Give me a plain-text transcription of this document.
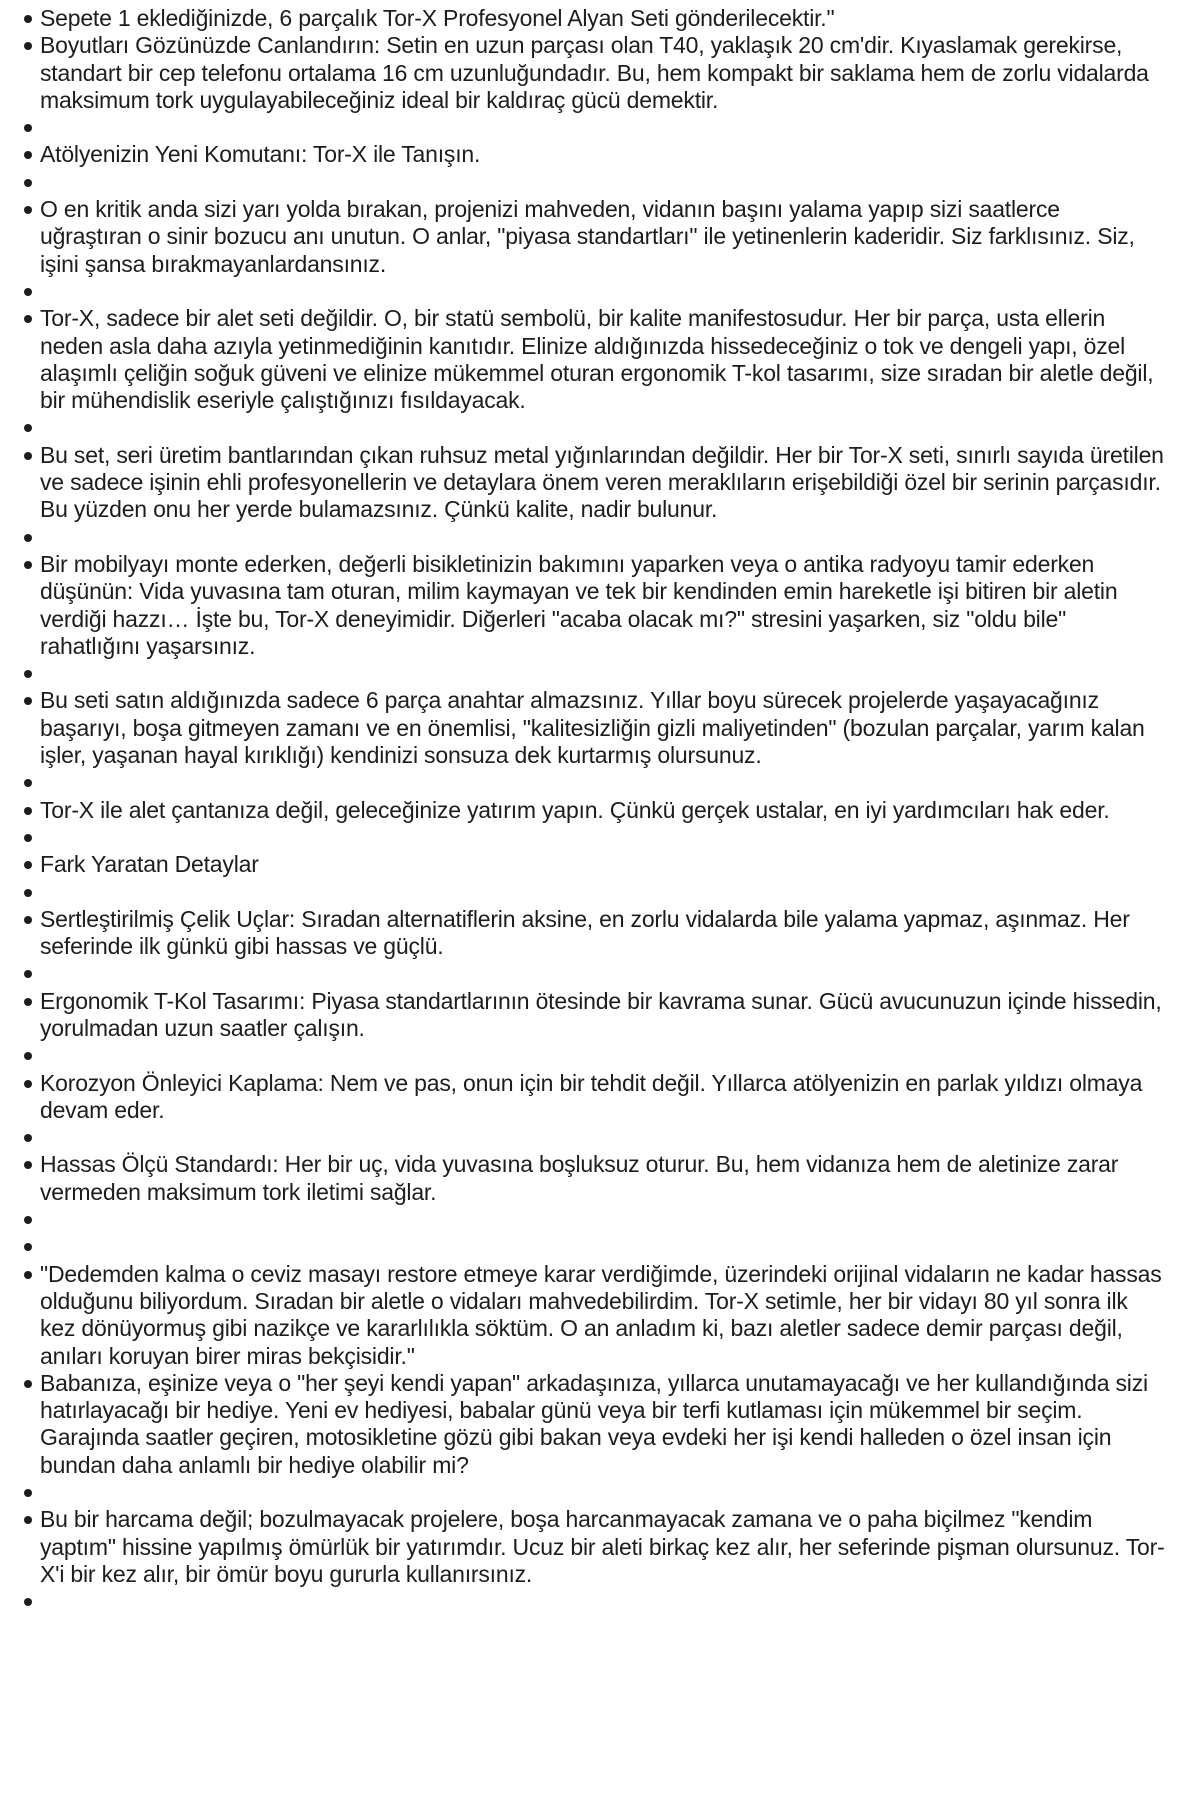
Sepete 1 eklediğinizde, 6 parçalık Tor-X Profesyonel Alyan Seti gönderilecektir."
Boyutları Gözünüzde Canlandırın: Setin en uzun parçası olan T40, yaklaşık 20 cm'dir. Kıyaslamak gerekirse, standart bir cep telefonu ortalama 16 cm uzunluğundadır. Bu, hem kompakt bir saklama hem de zorlu vidalarda maksimum tork uygulayabileceğiniz ideal bir kaldıraç gücü demektir.
Atölyenizin Yeni Komutanı: Tor-X ile Tanışın.
O en kritik anda sizi yarı yolda bırakan, projenizi mahveden, vidanın başını yalama yapıp sizi saatlerce uğraştıran o sinir bozucu anı unutun. O anlar, "piyasa standartları" ile yetinenlerin kaderidir. Siz farklısınız. Siz, işini şansa bırakmayanlardansınız.
Tor-X, sadece bir alet seti değildir. O, bir statü sembolü, bir kalite manifestosudur. Her bir parça, usta ellerin neden asla daha azıyla yetinmediğinin kanıtıdır. Elinize aldığınızda hissedeceğiniz o tok ve dengeli yapı, özel alaşımlı çeliğin soğuk güveni ve elinize mükemmel oturan ergonomik T-kol tasarımı, size sıradan bir aletle değil, bir mühendislik eseriyle çalıştığınızı fısıldayacak.
Bu set, seri üretim bantlarından çıkan ruhsuz metal yığınlarından değildir. Her bir Tor-X seti, sınırlı sayıda üretilen ve sadece işinin ehli profesyonellerin ve detaylara önem veren meraklıların erişebildiği özel bir serinin parçasıdır. Bu yüzden onu her yerde bulamazsınız. Çünkü kalite, nadir bulunur.
Bir mobilyayı monte ederken, değerli bisikletinizin bakımını yaparken veya o antika radyoyu tamir ederken düşünün: Vida yuvasına tam oturan, milim kaymayan ve tek bir kendinden emin hareketle işi bitiren bir aletin verdiği hazzı… İşte bu, Tor-X deneyimidir. Diğerleri "acaba olacak mı?" stresini yaşarken, siz "oldu bile" rahatlığını yaşarsınız.
Bu seti satın aldığınızda sadece 6 parça anahtar almazsınız. Yıllar boyu sürecek projelerde yaşayacağınız başarıyı, boşa gitmeyen zamanı ve en önemlisi, "kalitesizliğin gizli maliyetinden" (bozulan parçalar, yarım kalan işler, yaşanan hayal kırıklığı) kendinizi sonsuza dek kurtarmış olursunuz.
Tor-X ile alet çantanıza değil, geleceğinize yatırım yapın. Çünkü gerçek ustalar, en iyi yardımcıları hak eder.
Fark Yaratan Detaylar
Sertleştirilmiş Çelik Uçlar: Sıradan alternatiflerin aksine, en zorlu vidalarda bile yalama yapmaz, aşınmaz. Her seferinde ilk günkü gibi hassas ve güçlü.
Ergonomik T-Kol Tasarımı: Piyasa standartlarının ötesinde bir kavrama sunar. Gücü avucunuzun içinde hissedin, yorulmadan uzun saatler çalışın.
Korozyon Önleyici Kaplama: Nem ve pas, onun için bir tehdit değil. Yıllarca atölyenizin en parlak yıldızı olmaya devam eder.
Hassas Ölçü Standardı: Her bir uç, vida yuvasına boşluksuz oturur. Bu, hem vidanıza hem de aletinize zarar vermeden maksimum tork iletimi sağlar.
"Dedemden kalma o ceviz masayı restore etmeye karar verdiğimde, üzerindeki orijinal vidaların ne kadar hassas olduğunu biliyordum. Sıradan bir aletle o vidaları mahvedebilirdim. Tor-X setimle, her bir vidayı 80 yıl sonra ilk kez dönüyormuş gibi nazikçe ve kararlılıkla söktüm. O an anladım ki, bazı aletler sadece demir parçası değil, anıları koruyan birer miras bekçisidir."
Babanıza, eşinize veya o "her şeyi kendi yapan" arkadaşınıza, yıllarca unutamayacağı ve her kullandığında sizi hatırlayacağı bir hediye. Yeni ev hediyesi, babalar günü veya bir terfi kutlaması için mükemmel bir seçim. Garajında saatler geçiren, motosikletine gözü gibi bakan veya evdeki her işi kendi halleden o özel insan için bundan daha anlamlı bir hediye olabilir mi?
Bu bir harcama değil; bozulmayacak projelere, boşa harcanmayacak zamana ve o paha biçilmez "kendim yaptım" hissine yapılmış ömürlük bir yatırımdır. Ucuz bir aleti birkaç kez alır, her seferinde pişman olursunuz. Tor-X'i bir kez alır, bir ömür boyu gururla kullanırsınız.
